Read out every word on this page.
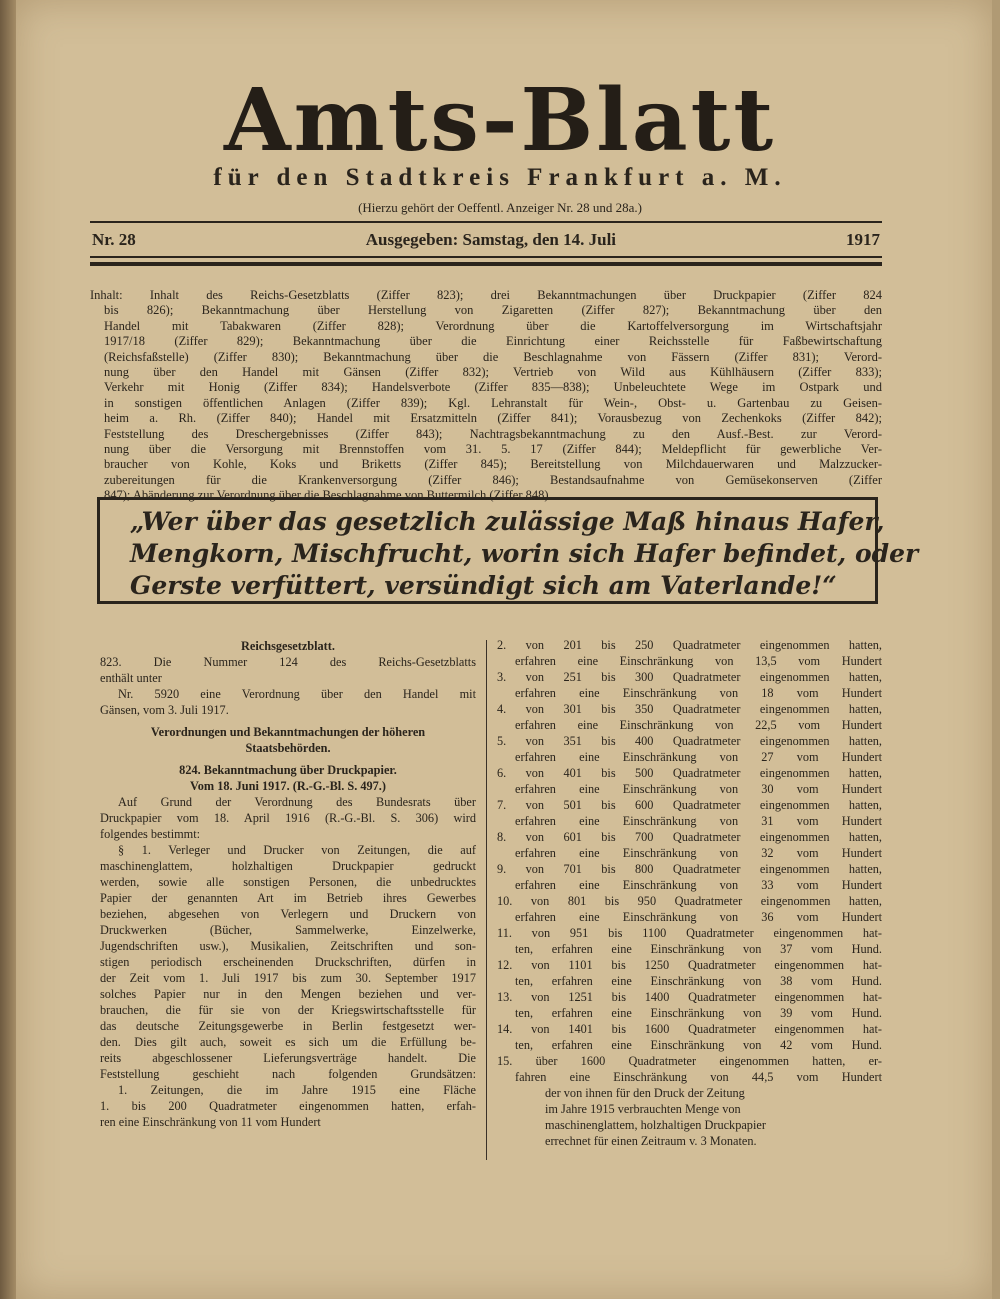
Amts-Blatt
für den Stadtkreis Frankfurt a. M.
(Hierzu gehört der Oeffentl. Anzeiger Nr. 28 und 28a.)
Nr. 28	Ausgegeben: Samstag, den 14. Juli	1917
Inhalt: Inhalt des Reichs-Gesetzblatts (Ziffer 823); drei Bekanntmachungen über Druckpapier (Ziffer 824
bis 826); Bekanntmachung über Herstellung von Zigaretten (Ziffer 827); Bekanntmachung über den
Handel mit Tabakwaren (Ziffer 828); Verordnung über die Kartoffelversorgung im Wirtschaftsjahr
1917/18 (Ziffer 829); Bekanntmachung über die Einrichtung einer Reichsstelle für Faßbewirtschaftung
(Reichsfaßstelle) (Ziffer 830); Bekanntmachung über die Beschlagnahme von Fässern (Ziffer 831); Verord-
nung über den Handel mit Gänsen (Ziffer 832); Vertrieb von Wild aus Kühlhäusern (Ziffer 833);
Verkehr mit Honig (Ziffer 834); Handelsverbote (Ziffer 835—838); Unbeleuchtete Wege im Ostpark und
in sonstigen öffentlichen Anlagen (Ziffer 839); Kgl. Lehranstalt für Wein-, Obst- u. Gartenbau zu Geisen-
heim a. Rh. (Ziffer 840); Handel mit Ersatzmitteln (Ziffer 841); Vorausbezug von Zechenkoks (Ziffer 842);
Feststellung des Dreschergebnisses (Ziffer 843); Nachtragsbekanntmachung zu den Ausf.-Best. zur Verord-
nung über die Versorgung mit Brennstoffen vom 31. 5. 17 (Ziffer 844); Meldepflicht für gewerbliche Ver-
braucher von Kohle, Koks und Briketts (Ziffer 845); Bereitstellung von Milchdauerwaren und Malzzucker-
zubereitungen für die Krankenversorgung (Ziffer 846); Bestandsaufnahme von Gemüsekonserven (Ziffer
847); Abänderung zur Verordnung über die Beschlagnahme von Buttermilch (Ziffer 848).
„Wer über das gesetzlich zulässige Maß hinaus Hafer,
Mengkorn, Mischfrucht, worin sich Hafer befindet, oder
Gerste verfüttert, versündigt sich am Vaterlande!“
Reichsgesetzblatt.
823. Die Nummer 124 des Reichs-Gesetzblatts
enthält unter
Nr. 5920 eine Verordnung über den Handel mit
Gänsen, vom 3. Juli 1917.
Verordnungen und Bekanntmachungen der höheren
Staatsbehörden.
824. Bekanntmachung über Druckpapier.
Vom 18. Juni 1917. (R.-G.-Bl. S. 497.)
Auf Grund der Verordnung des Bundesrats über
Druckpapier vom 18. April 1916 (R.-G.-Bl. S. 306) wird
folgendes bestimmt:
§ 1. Verleger und Drucker von Zeitungen, die auf
maschinenglattem, holzhaltigen Druckpapier gedruckt
werden, sowie alle sonstigen Personen, die unbedrucktes
Papier der genannten Art im Betrieb ihres Gewerbes
beziehen, abgesehen von Verlegern und Druckern von
Druckwerken (Bücher, Sammelwerke, Einzelwerke,
Jugendschriften usw.), Musikalien, Zeitschriften und son-
stigen periodisch erscheinenden Druckschriften, dürfen in
der Zeit vom 1. Juli 1917 bis zum 30. September 1917
solches Papier nur in den Mengen beziehen und ver-
brauchen, die für sie von der Kriegswirtschaftsstelle für
das deutsche Zeitungsgewerbe in Berlin festgesetzt wer-
den. Dies gilt auch, soweit es sich um die Erfüllung be-
reits abgeschlossener Lieferungsverträge handelt. Die
Feststellung geschieht nach folgenden Grundsätzen:
1. Zeitungen, die im Jahre 1915 eine Fläche
1. bis 200 Quadratmeter eingenommen hatten, erfah-
ren eine Einschränkung von 11 vom Hundert
2. von 201 bis 250 Quadratmeter eingenommen hatten,
erfahren eine Einschränkung von 13,5 vom Hundert
3. von 251 bis 300 Quadratmeter eingenommen hatten,
erfahren eine Einschränkung von 18 vom Hundert
4. von 301 bis 350 Quadratmeter eingenommen hatten,
erfahren eine Einschränkung von 22,5 vom Hundert
5. von 351 bis 400 Quadratmeter eingenommen hatten,
erfahren eine Einschränkung von 27 vom Hundert
6. von 401 bis 500 Quadratmeter eingenommen hatten,
erfahren eine Einschränkung von 30 vom Hundert
7. von 501 bis 600 Quadratmeter eingenommen hatten,
erfahren eine Einschränkung von 31 vom Hundert
8. von 601 bis 700 Quadratmeter eingenommen hatten,
erfahren eine Einschränkung von 32 vom Hundert
9. von 701 bis 800 Quadratmeter eingenommen hatten,
erfahren eine Einschränkung von 33 vom Hundert
10. von 801 bis 950 Quadratmeter eingenommen hatten,
erfahren eine Einschränkung von 36 vom Hundert
11. von 951 bis 1100 Quadratmeter eingenommen hat-
ten, erfahren eine Einschränkung von 37 vom Hund.
12. von 1101 bis 1250 Quadratmeter eingenommen hat-
ten, erfahren eine Einschränkung von 38 vom Hund.
13. von 1251 bis 1400 Quadratmeter eingenommen hat-
ten, erfahren eine Einschränkung von 39 vom Hund.
14. von 1401 bis 1600 Quadratmeter eingenommen hat-
ten, erfahren eine Einschränkung von 42 vom Hund.
15. über 1600 Quadratmeter eingenommen hatten, er-
fahren eine Einschränkung von 44,5 vom Hundert
der von ihnen für den Druck der Zeitung
im Jahre 1915 verbrauchten Menge von
maschinenglattem, holzhaltigen Druckpapier
errechnet für einen Zeitraum v. 3 Monaten.
